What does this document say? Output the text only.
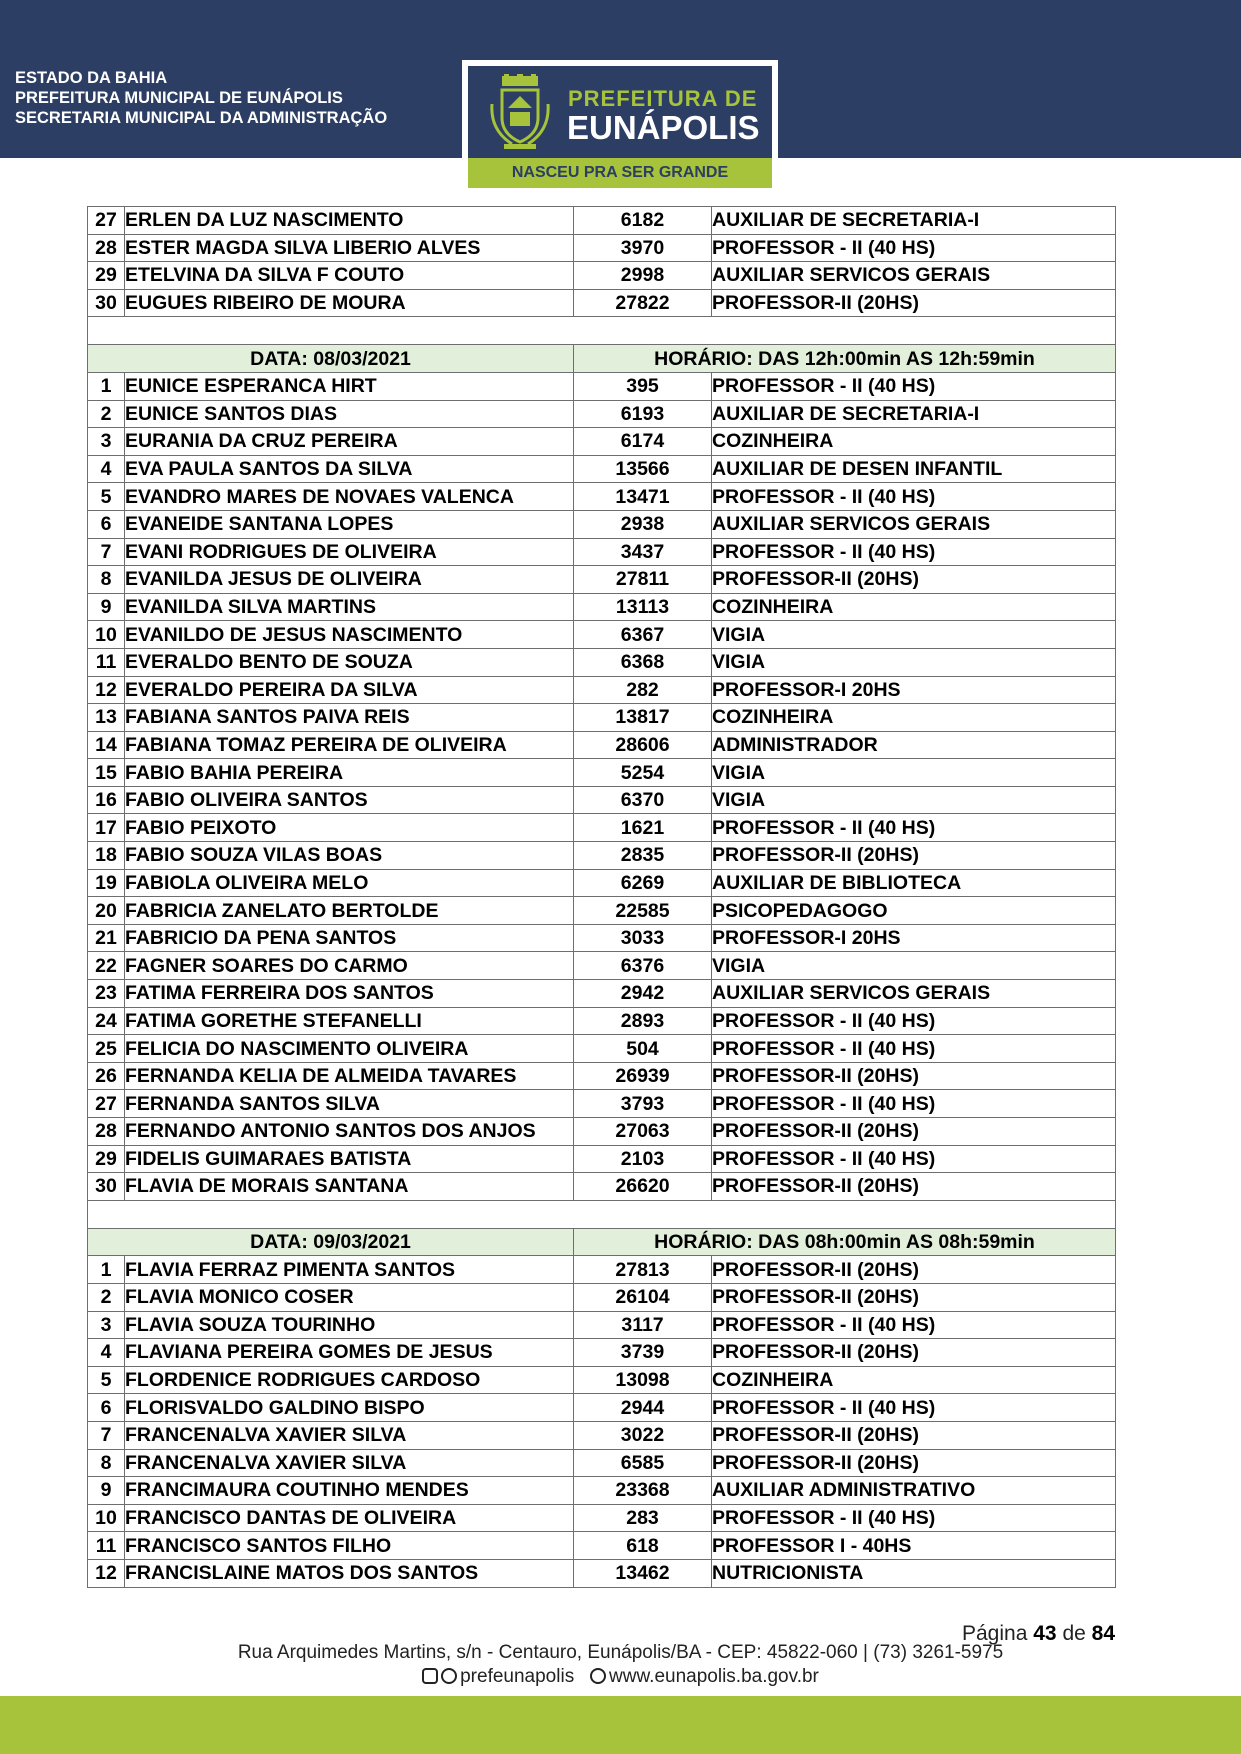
ESTADO DA BAHIA
PREFEITURA MUNICIPAL DE EUNÁPOLIS
SECRETARIA MUNICIPAL DA ADMINISTRAÇÃO
PREFEITURA DE
EUNÁPOLIS
NASCEU PRA SER GRANDE
27	ERLEN DA LUZ NASCIMENTO	6182	AUXILIAR DE SECRETARIA-I
28	ESTER MAGDA SILVA LIBERIO ALVES	3970	PROFESSOR - II (40 HS)
29	ETELVINA DA SILVA F COUTO	2998	AUXILIAR SERVICOS GERAIS
30	EUGUES RIBEIRO DE MOURA	27822	PROFESSOR-II (20HS)

DATA: 08/03/2021		HORÁRIO: DAS 12h:00min AS 12h:59min	
1	EUNICE ESPERANCA HIRT	395	PROFESSOR - II (40 HS)
2	EUNICE SANTOS DIAS	6193	AUXILIAR DE SECRETARIA-I
3	EURANIA DA CRUZ PEREIRA	6174	COZINHEIRA
4	EVA PAULA SANTOS DA SILVA	13566	AUXILIAR DE DESEN INFANTIL
5	EVANDRO MARES DE NOVAES VALENCA	13471	PROFESSOR - II (40 HS)
6	EVANEIDE SANTANA LOPES	2938	AUXILIAR SERVICOS GERAIS
7	EVANI RODRIGUES DE OLIVEIRA	3437	PROFESSOR - II (40 HS)
8	EVANILDA JESUS DE OLIVEIRA	27811	PROFESSOR-II (20HS)
9	EVANILDA SILVA MARTINS	13113	COZINHEIRA
10	EVANILDO DE JESUS NASCIMENTO	6367	VIGIA
11	EVERALDO BENTO DE SOUZA	6368	VIGIA
12	EVERALDO PEREIRA DA SILVA	282	PROFESSOR-I 20HS
13	FABIANA SANTOS PAIVA REIS	13817	COZINHEIRA
14	FABIANA TOMAZ PEREIRA DE OLIVEIRA	28606	ADMINISTRADOR
15	FABIO BAHIA PEREIRA	5254	VIGIA
16	FABIO OLIVEIRA SANTOS	6370	VIGIA
17	FABIO PEIXOTO	1621	PROFESSOR - II (40 HS)
18	FABIO SOUZA VILAS BOAS	2835	PROFESSOR-II (20HS)
19	FABIOLA OLIVEIRA MELO	6269	AUXILIAR DE BIBLIOTECA
20	FABRICIA ZANELATO BERTOLDE	22585	PSICOPEDAGOGO
21	FABRICIO DA PENA SANTOS	3033	PROFESSOR-I 20HS
22	FAGNER SOARES DO CARMO	6376	VIGIA
23	FATIMA FERREIRA DOS SANTOS	2942	AUXILIAR SERVICOS GERAIS
24	FATIMA GORETHE STEFANELLI	2893	PROFESSOR - II (40 HS)
25	FELICIA DO NASCIMENTO OLIVEIRA	504	PROFESSOR - II (40 HS)
26	FERNANDA KELIA DE ALMEIDA TAVARES	26939	PROFESSOR-II (20HS)
27	FERNANDA SANTOS SILVA	3793	PROFESSOR - II (40 HS)
28	FERNANDO ANTONIO SANTOS DOS ANJOS	27063	PROFESSOR-II (20HS)
29	FIDELIS GUIMARAES BATISTA	2103	PROFESSOR - II (40 HS)
30	FLAVIA DE MORAIS SANTANA	26620	PROFESSOR-II (20HS)

DATA: 09/03/2021		HORÁRIO: DAS 08h:00min AS 08h:59min	
1	FLAVIA FERRAZ PIMENTA SANTOS	27813	PROFESSOR-II (20HS)
2	FLAVIA MONICO COSER	26104	PROFESSOR-II (20HS)
3	FLAVIA SOUZA TOURINHO	3117	PROFESSOR - II (40 HS)
4	FLAVIANA PEREIRA GOMES DE JESUS	3739	PROFESSOR-II (20HS)
5	FLORDENICE RODRIGUES CARDOSO	13098	COZINHEIRA
6	FLORISVALDO GALDINO BISPO	2944	PROFESSOR - II (40 HS)
7	FRANCENALVA XAVIER SILVA	3022	PROFESSOR-II (20HS)
8	FRANCENALVA XAVIER SILVA	6585	PROFESSOR-II (20HS)
9	FRANCIMAURA COUTINHO MENDES	23368	AUXILIAR ADMINISTRATIVO
10	FRANCISCO DANTAS DE OLIVEIRA	283	PROFESSOR - II (40 HS)
11	FRANCISCO SANTOS FILHO	618	PROFESSOR I - 40HS
12	FRANCISLAINE MATOS DOS SANTOS	13462	NUTRICIONISTA
Página 43 de 84
Rua Arquimedes Martins, s/n - Centauro, Eunápolis/BA - CEP: 45822-060 | (73) 3261-5975
prefeunapolis www.eunapolis.ba.gov.br
